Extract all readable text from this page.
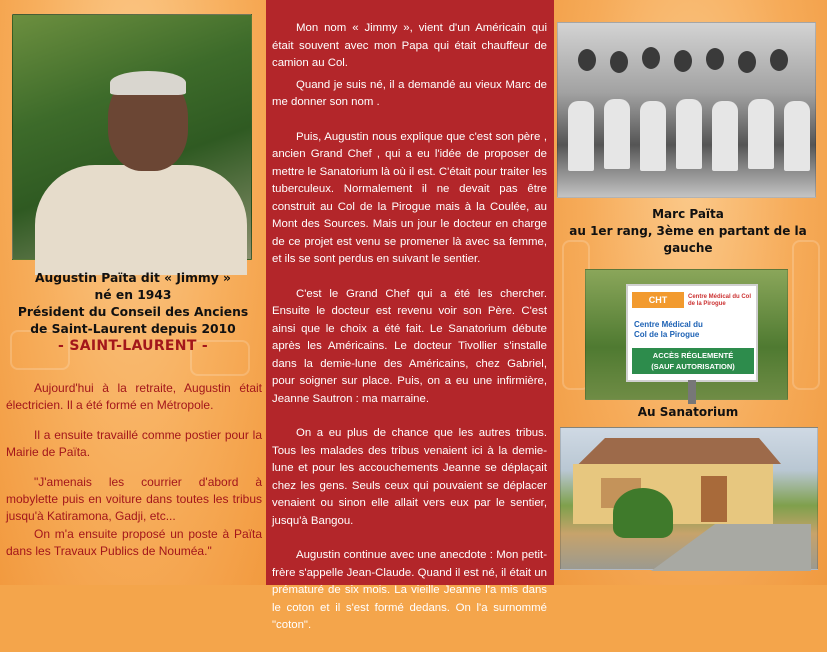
Augustin Païta dit « Jimmy »
né en 1943
Président du Conseil des Anciens
de Saint-Laurent depuis 2010
- SAINT-LAURENT -

Aujourd'hui à la retraite, Augustin était électricien. Il a été formé en Métropole.

Il a ensuite travaillé comme postier pour la Mairie de Païta.

"J'amenais les courrier d'abord à mobylette puis en voiture dans toutes les tribus jusqu'à Katiramona, Gadji, etc...

On m'a ensuite proposé un poste à Païta dans les Travaux Publics de Nouméa."

Mon nom « Jimmy », vient d'un Américain qui était souvent avec mon Papa qui était chauffeur de camion au Col.

Quand je suis né, il a demandé au vieux Marc de me donner son nom .

Puis, Augustin nous explique que c'est son père , ancien Grand Chef , qui a eu l'idée de proposer de mettre le Sanatorium là où il est. C'était pour traiter les tuberculeux. Normalement il ne devait pas être construit au Col de la Pirogue mais à la Coulée, au Mont des Sources. Mais un jour le docteur en charge de ce projet est venu se promener là avec sa femme, et ils se sont perdus en suivant le sentier.

C'est le Grand Chef qui a été les chercher. Ensuite le docteur est revenu voir son Père. C'est ainsi que le choix a été fait. Le Sanatorium débute après les Américains. Le docteur Tivollier s'installe dans la demie-lune des Américains, chez Gabriel, pour soigner sur place. Puis, on a eu une infirmière, Jeanne Sautron : ma marraine.

On a eu plus de chance que les autres tribus. Tous les malades des tribus venaient ici à la demie-lune et pour les accouchements Jeanne se déplaçait chez les gens. Seuls ceux qui pouvaient se déplacer venaient ou sinon elle allait vers eux par le sentier, jusqu'à Bangou.

Augustin continue avec une anecdote : Mon petit-frère s'appelle Jean-Claude. Quand il est né, il était un prématuré de six mois. La vieille Jeanne l'a mis dans le coton et il s'est formé dedans. On l'a surnommé "coton".

Marc Païta
au 1er rang, 3ème en partant de la gauche
CHT	Centre Médical du Col de la Pirogue
Centre Médical du
Col de la Pirogue
ACCÈS RÉGLEMENTÉ
(SAUF AUTORISATION)
Au Sanatorium
